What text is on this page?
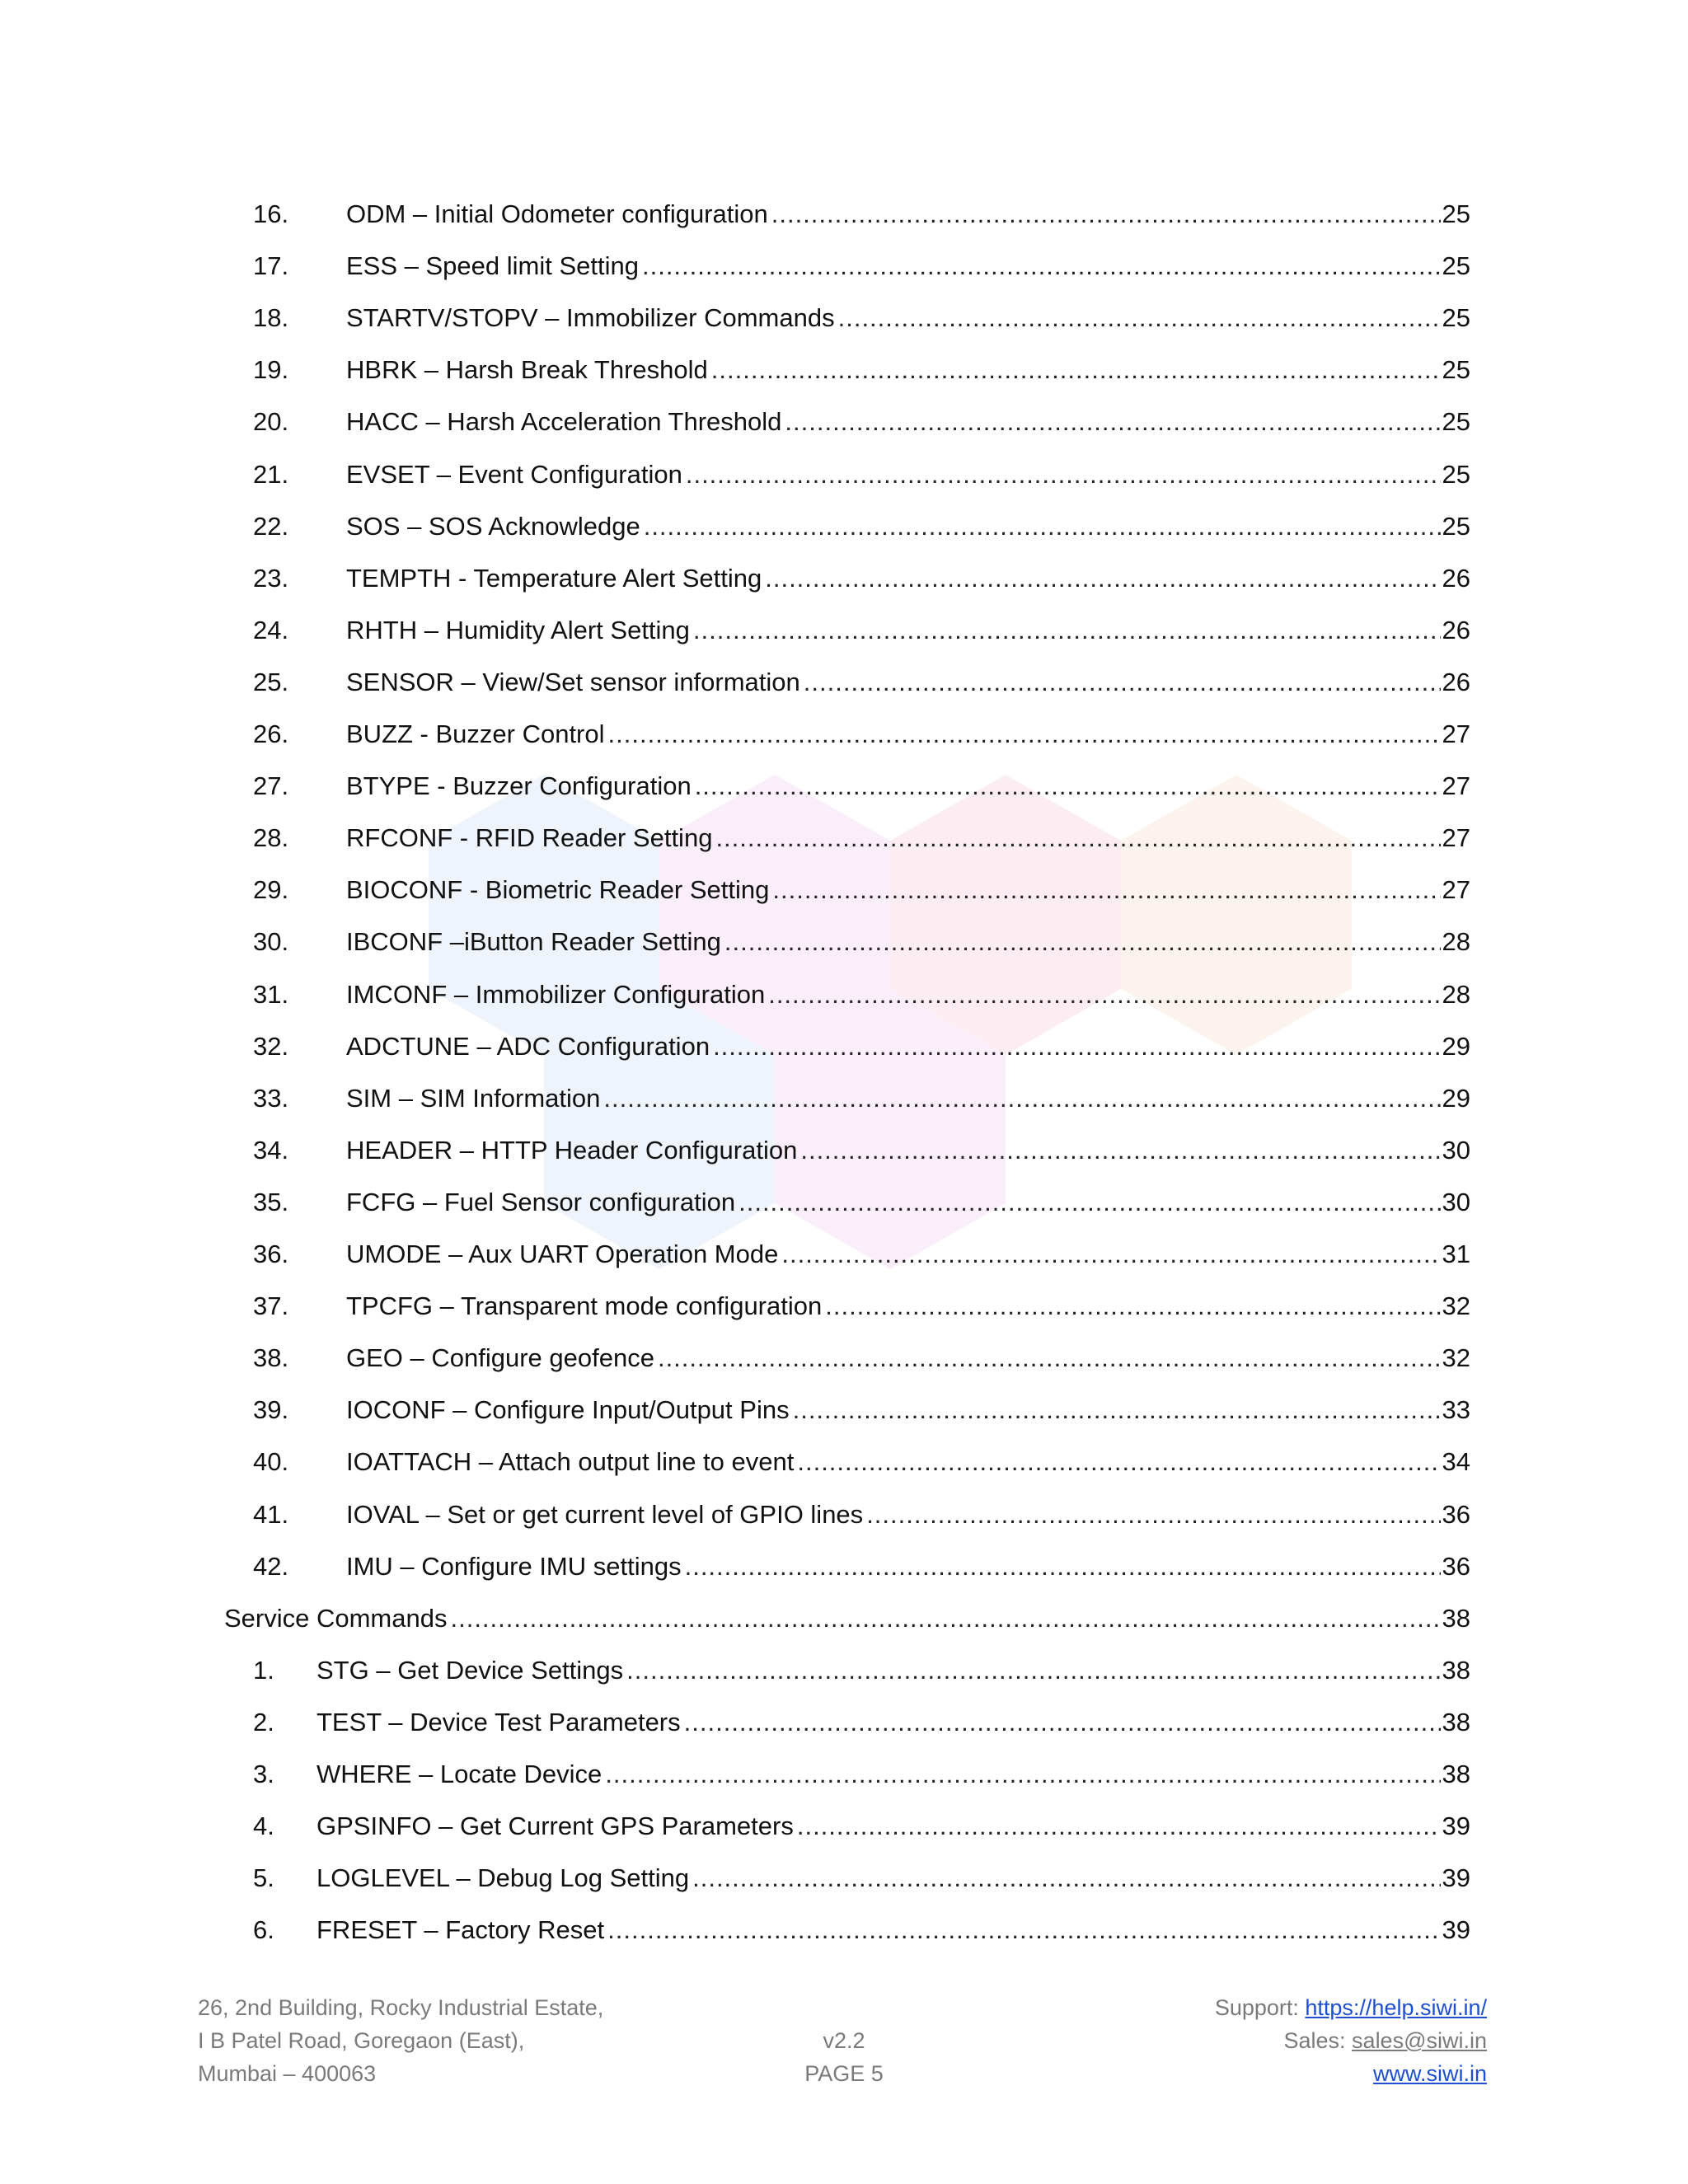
16.	ODM – Initial Odometer configuration .....	25
17.	ESS – Speed limit Setting .....	25
18.	STARTV/STOPV – Immobilizer Commands .....	25
19.	HBRK – Harsh Break Threshold .....	25
20.	HACC – Harsh Acceleration Threshold .....	25
21.	EVSET – Event Configuration .....	25
22.	SOS – SOS Acknowledge .....	25
23.	TEMPTH - Temperature Alert Setting .....	26
24.	RHTH – Humidity Alert Setting .....	26
25.	SENSOR – View/Set sensor information .....	26
26.	BUZZ - Buzzer Control .....	27
27.	BTYPE - Buzzer Configuration .....	27
28.	RFCONF - RFID Reader Setting .....	27
29.	BIOCONF - Biometric Reader Setting .....	27
30.	IBCONF –iButton Reader Setting .....	28
31.	IMCONF – Immobilizer Configuration .....	28
32.	ADCTUNE – ADC Configuration .....	29
33.	SIM – SIM Information .....	29
34.	HEADER – HTTP Header Configuration .....	30
35.	FCFG – Fuel Sensor configuration .....	30
36.	UMODE – Aux UART Operation Mode .....	31
37.	TPCFG – Transparent mode configuration .....	32
38.	GEO – Configure geofence .....	32
39.	IOCONF – Configure Input/Output Pins .....	33
40.	IOATTACH – Attach output line to event .....	34
41.	IOVAL – Set or get current level of GPIO lines .....	36
42.	IMU – Configure IMU settings .....	36
Service Commands .....	38
1.	STG – Get Device Settings .....	38
2.	TEST – Device Test Parameters .....	38
3.	WHERE – Locate Device .....	38
4.	GPSINFO – Get Current GPS Parameters .....	39
5.	LOGLEVEL – Debug Log Setting .....	39
6.	FRESET – Factory Reset .....	39
26, 2nd Building, Rocky Industrial Estate,
I B Patel Road, Goregaon (East),
Mumbai – 400063
v2.2
PAGE 5
Support: https://help.siwi.in/
Sales: sales@siwi.in
www.siwi.in
